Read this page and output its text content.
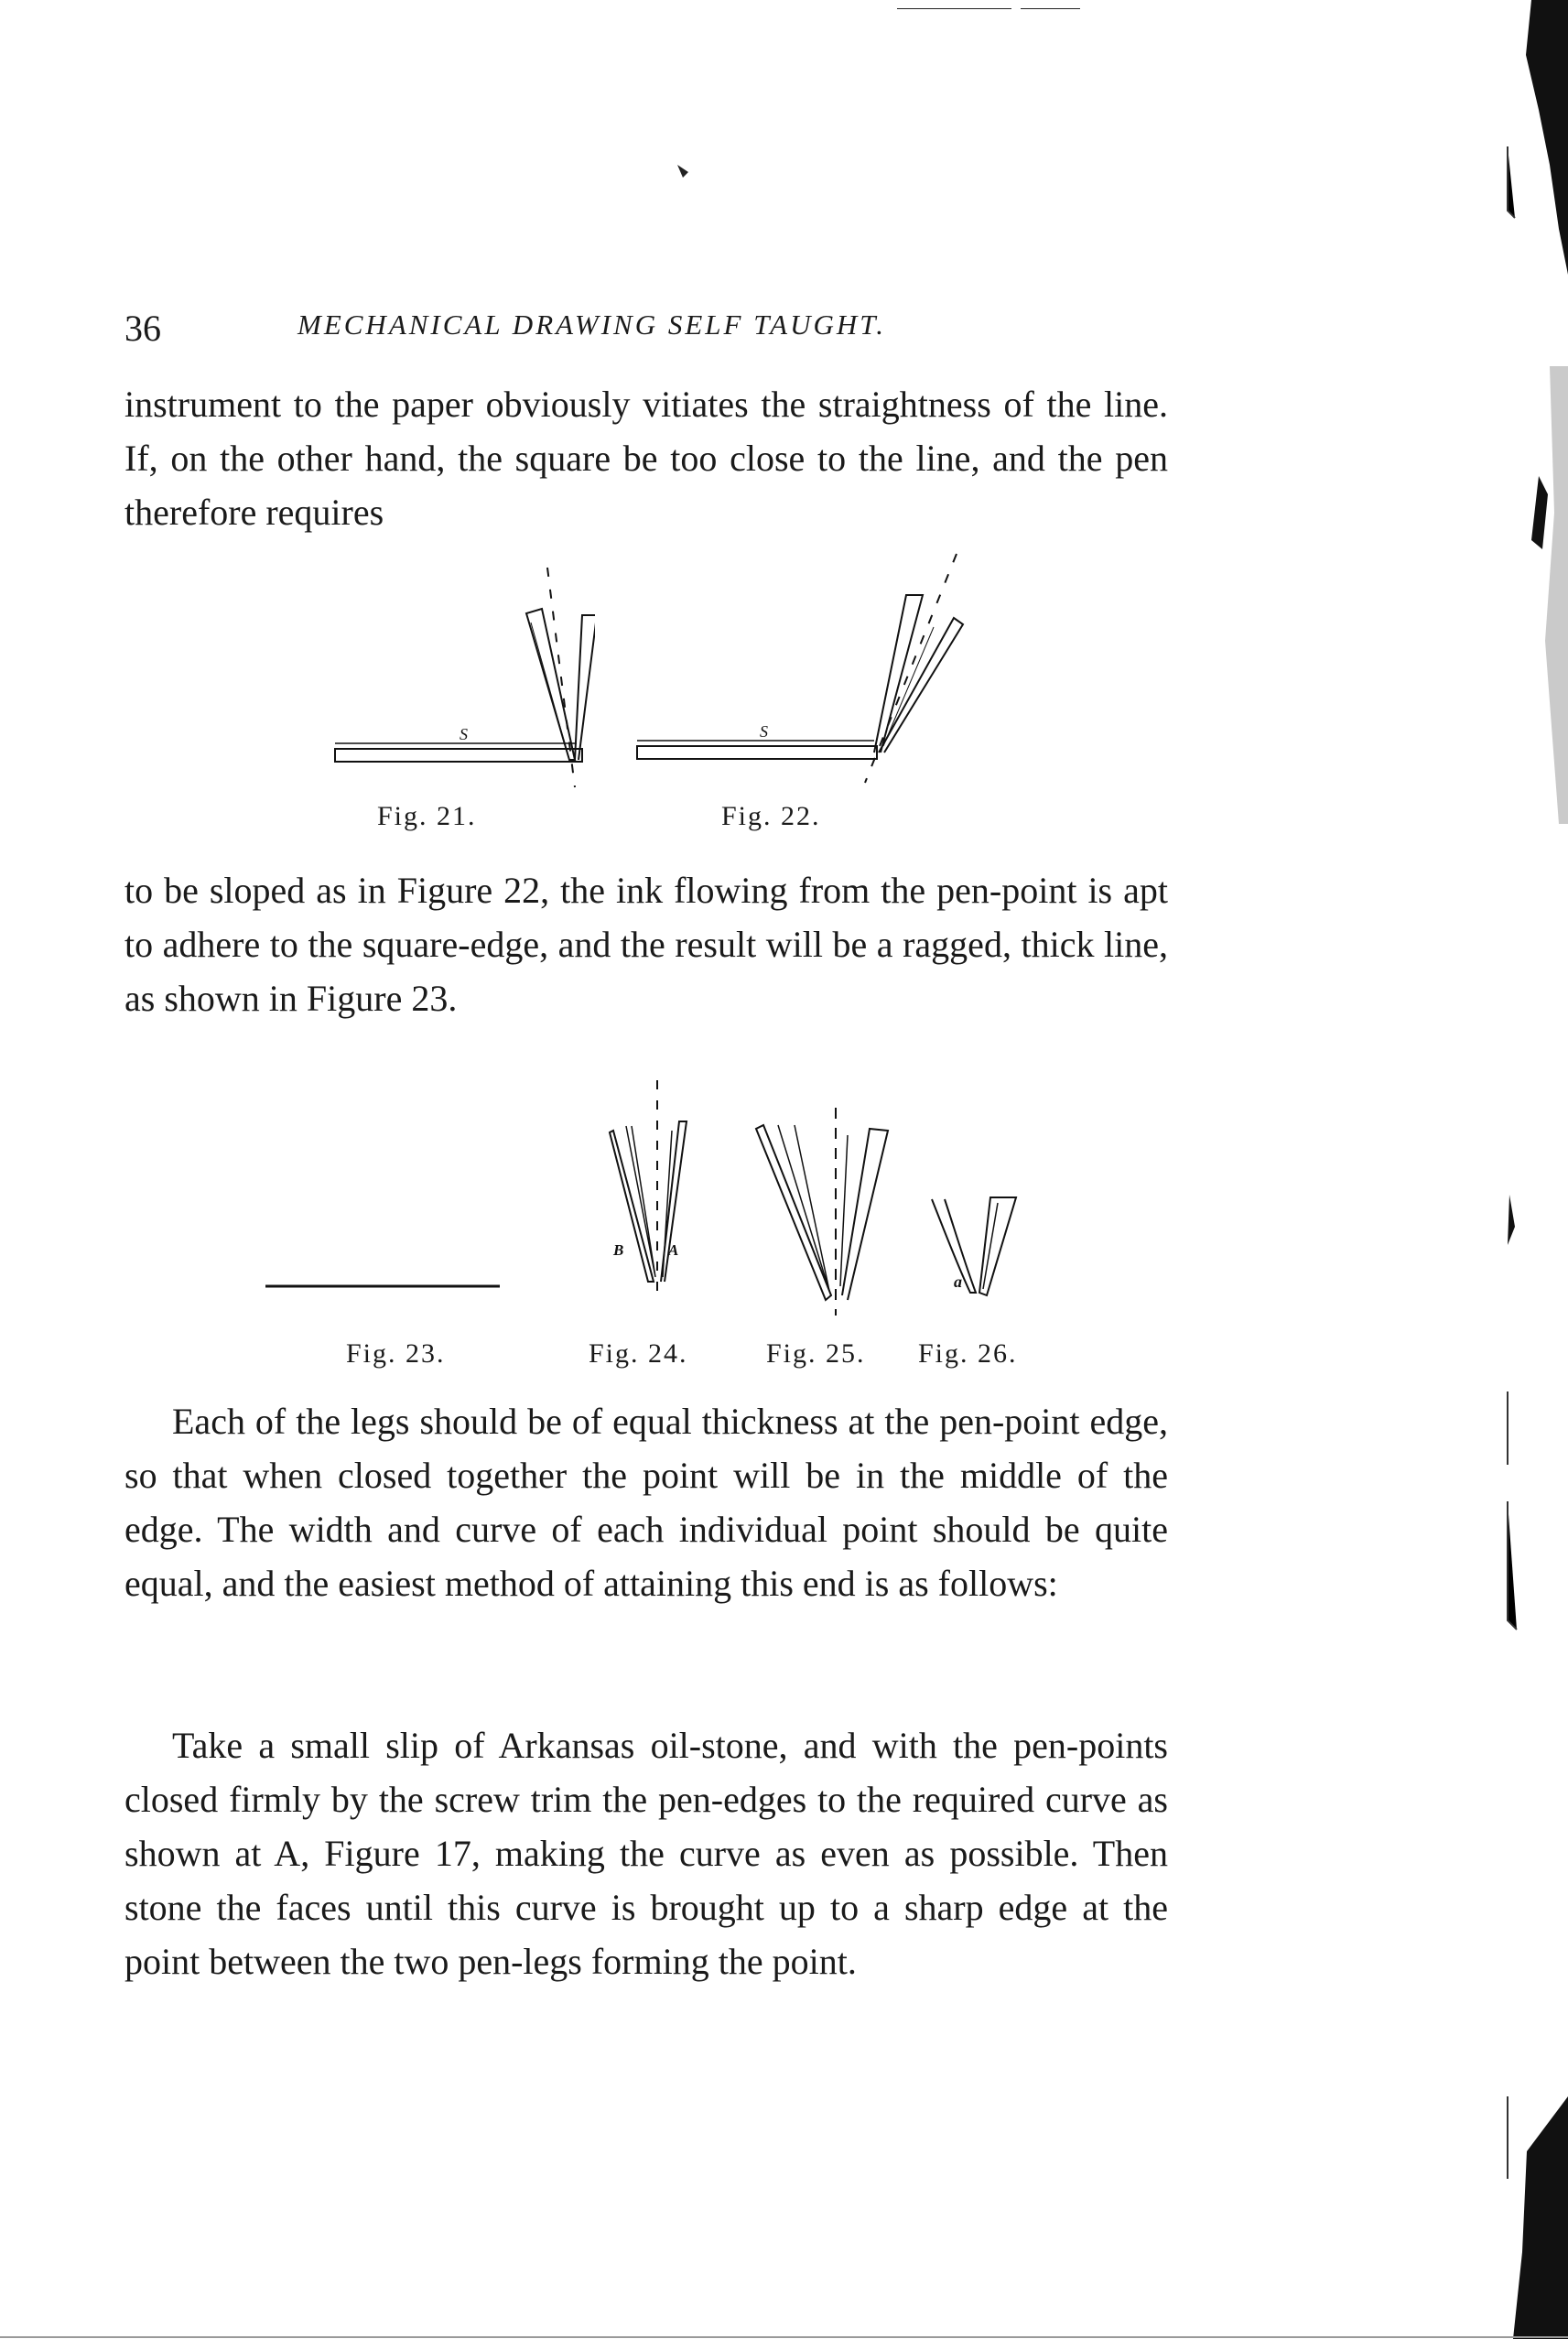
36	MECHANICAL DRAWING SELF TAUGHT.

instrument to the paper obviously vitiates the straightness of the line. If, on the other hand, the square be too close to the line, and the pen therefore requires

S
Fig. 21.
S
Fig. 22.

to be sloped as in Figure 22, the ink flowing from the pen-point is apt to adhere to the square-edge, and the result will be a ragged, thick line, as shown in Figure 23.

Fig. 23.
B	A
Fig. 24.	Fig. 25.
a
Fig. 26.

Each of the legs should be of equal thickness at the pen-point edge, so that when closed together the point will be in the middle of the edge. The width and curve of each individual point should be quite equal, and the easiest method of attaining this end is as follows:

Take a small slip of Arkansas oil-stone, and with the pen-points closed firmly by the screw trim the pen-edges to the required curve as shown at A, Figure 17, making the curve as even as possible. Then stone the faces until this curve is brought up to a sharp edge at the point between the two pen-legs forming the point.
